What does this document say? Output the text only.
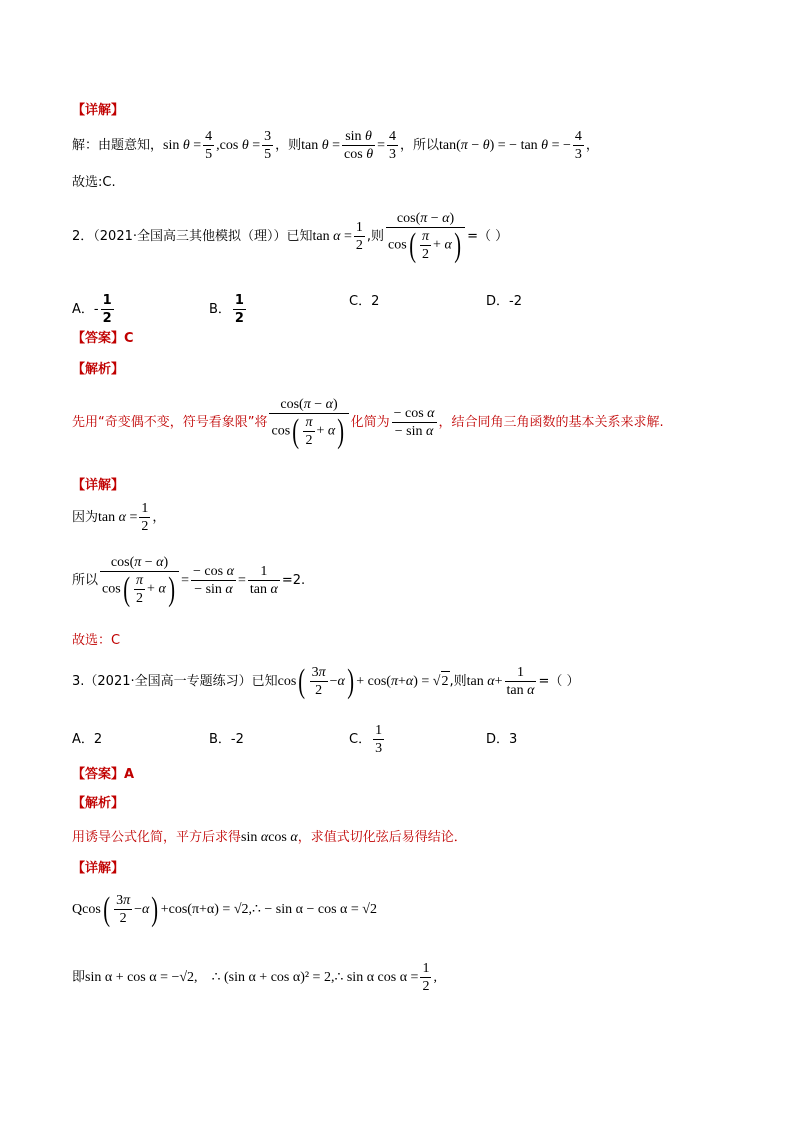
【详解】
解：由题意知， $\sin \theta = \frac{4}{5} ,\cos$ $\theta = \frac{3}{5}$ ，则 $\tan \theta = \frac{\text{sin θ}}{\text{cos θ}} = \frac{4}{3}$ ，所以 tan(π − θ) = − tan θ = − $\frac{4}{3}$ ，
故选:C.
2．（2021·全国高三其他模拟（理））已知 $\tan \alpha = \frac{1}{2}$ ,则 $\frac{\cos(\pi - \alpha)}{\cos( \frac{\pi}{2} + \alpha)}$ =（ ）
A．- $\frac{1}{2}$	B． $\frac{1}{2}$	C．2	D．-2
【答案】C
【解析】
先用“奇变偶不变，符号看象限”将 $\frac{\cos(\pi - \alpha)}{\cos( \frac{\pi}{2} + \alpha)}$ 化简为 $\frac{\text{− cos α}}{\text{− sin α}}$ ，结合同角三角函数的基本关系来求解.
【详解】
因为 $\tan \alpha = \frac{1}{2}$ ，
所以 $\frac{\cos(\pi - \alpha)}{\cos( \frac{\pi}{2} + \alpha)} = \frac{\text{− cos α}}{\text{− sin α}} = \frac{1}{\text{tan α}} =2$.
故选：C
3.（2021·全国高一专题练习）已知 cos ( $\frac{3\pi}{2} - \alpha$ ) + cos( π + α ) = √ 2 ,则 $\tan \alpha+ \frac{1}{\text{tan α}}$ =（ ）
A．2	B．-2	C． $\frac{1}{3}$	D．3
【答案】A
【解析】
用诱导公式化简，平方后求得 sin αcos α ，求值式切化弦后易得结论．
【详解】
Q cos ( $\frac{3\pi}{2} - \alpha$ ) + cos(π+α) = √2,∴ − sin α − cos α = √2
即 sin α + cos α = −√2, ∴ (sin α + cos α)² = 2,∴ sin α $\cos \alpha = \frac{1}{2}$ ,
